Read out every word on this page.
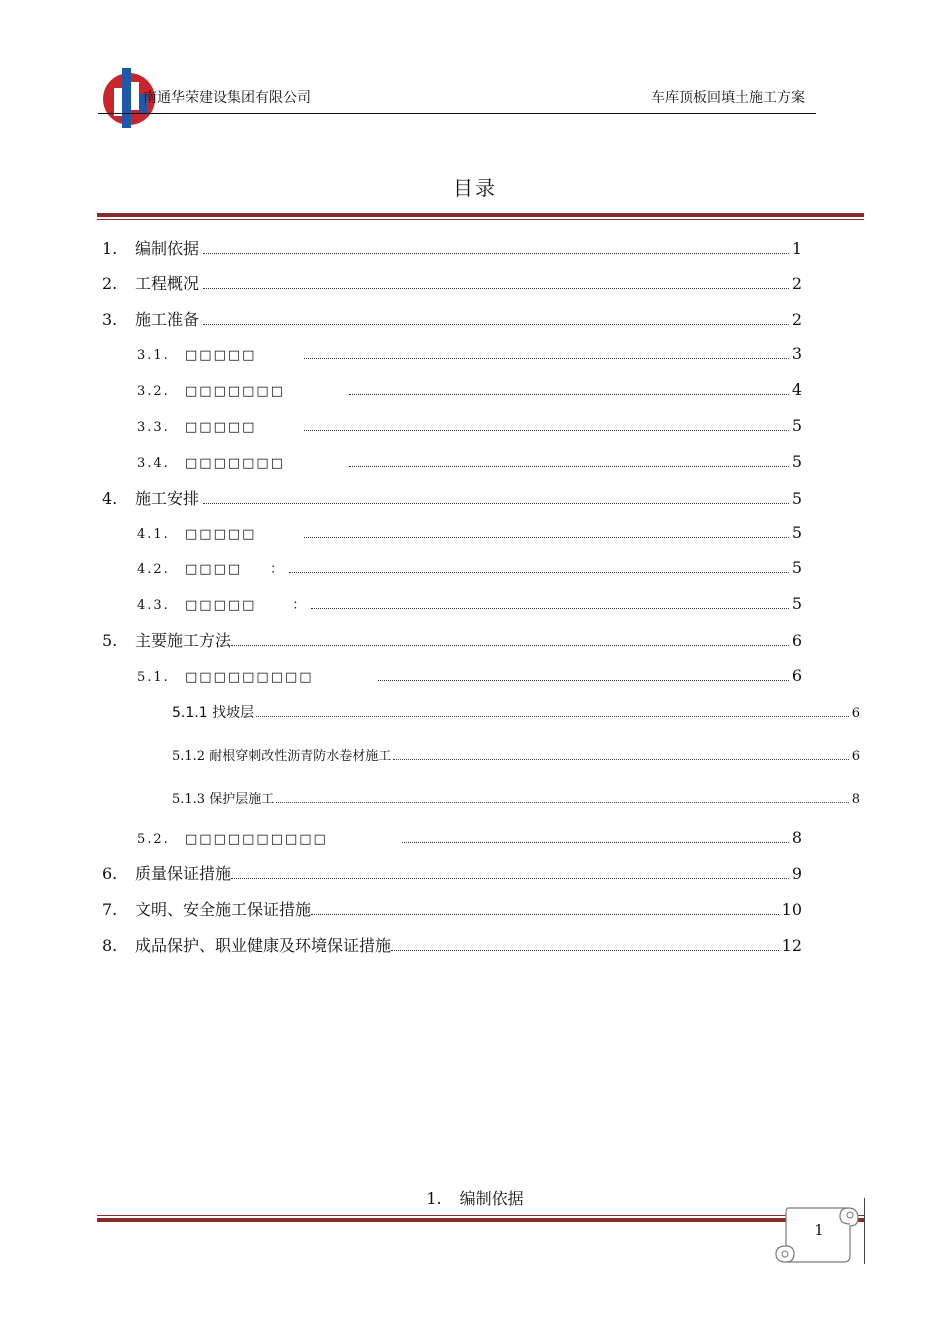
南通华荣建设集团有限公司	车库顶板回填土施工方案
目录
1.	编制依据	1
2.	工程概况	2
3.	施工准备	2
3.1.	□□□□□	3
3.2.	□□□□□□□	4
3.3.	□□□□□	5
3.4.	□□□□□□□	5
4.	施工安排	5
4.1.	□□□□□	5
4.2.	□□□□ ：	5
4.3.	□□□□□	：	5
5.	主要施工方法	6
5.1.	□□□□□□□□□	6
5.1.1 找坡层	6
5.1.2 耐根穿刺改性沥青防水卷材施工	6
5.1.3 保护层施工	8
5.2.	□□□□□□□□□□	8
6.	质量保证措施	9
7.	文明、安全施工保证措施	10
8.	成品保护、职业健康及环境保证措施	12
1. 编制依据
1
